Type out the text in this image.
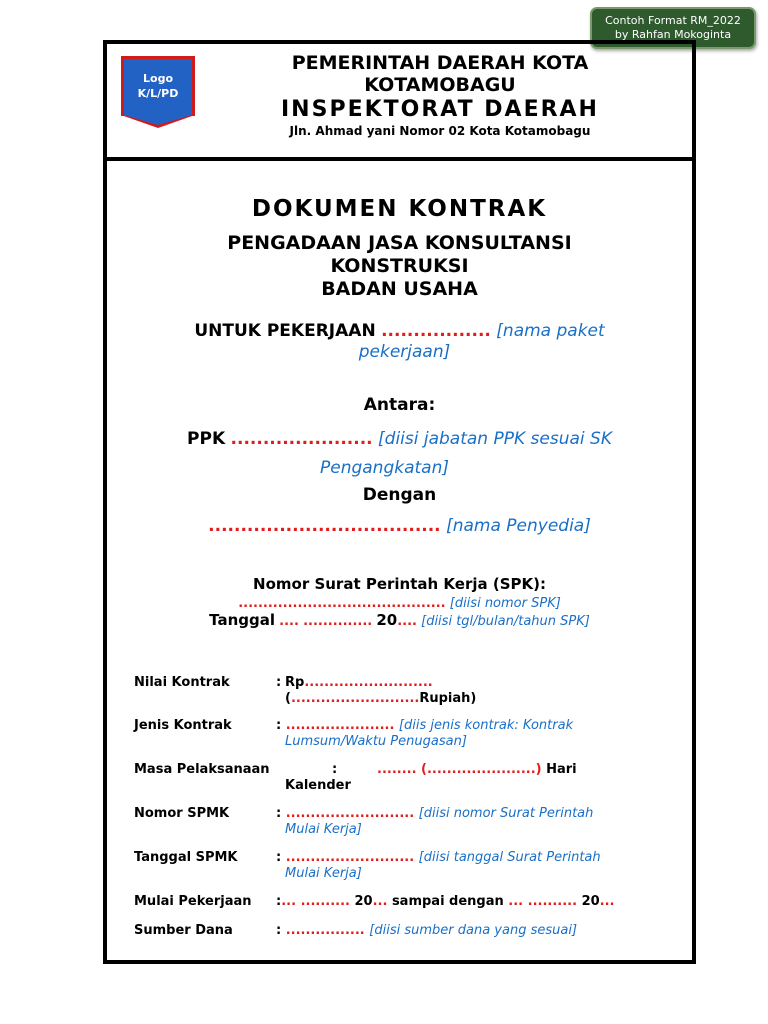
Contoh Format RM_2022
by Rahfan Mokoginta
Logo
K/L/PD
PEMERINTAH DAERAH KOTA
KOTAMOBAGU
INSPEKTORAT DAERAH
Jln. Ahmad yani Nomor 02 Kota Kotamobagu
DOKUMEN KONTRAK
PENGADAAN JASA KONSULTANSI
KONSTRUKSI
BADAN USAHA
UNTUK PEKERJAAN ................. [nama paket
pekerjaan]
Antara:
PPK ...................... [diisi jabatan PPK sesuai SK
Pengangkatan]
Dengan
.................................... [nama Penyedia]
Nomor Surat Perintah Kerja (SPK):
.......................................... [diisi nomor SPK]
Tanggal .... .............. 20.... [diisi tgl/bulan/tahun SPK]
Nilai Kontrak	: Rp..........................
(..........................Rupiah)
Jenis Kontrak	: ...................... [diis jenis kontrak: Kontrak
Lumsum/Waktu Penugasan]
Masa Pelaksanaan	:	........ (......................) Hari
Kalender
Nomor SPMK	: .......................... [diisi nomor Surat Perintah
Mulai Kerja]
Tanggal SPMK	: .......................... [diisi tanggal Surat Perintah
Mulai Kerja]
Mulai Pekerjaan :... .......... 20... sampai dengan ... .......... 20...
Sumber Dana	: ................ [diisi sumber dana yang sesuai]
